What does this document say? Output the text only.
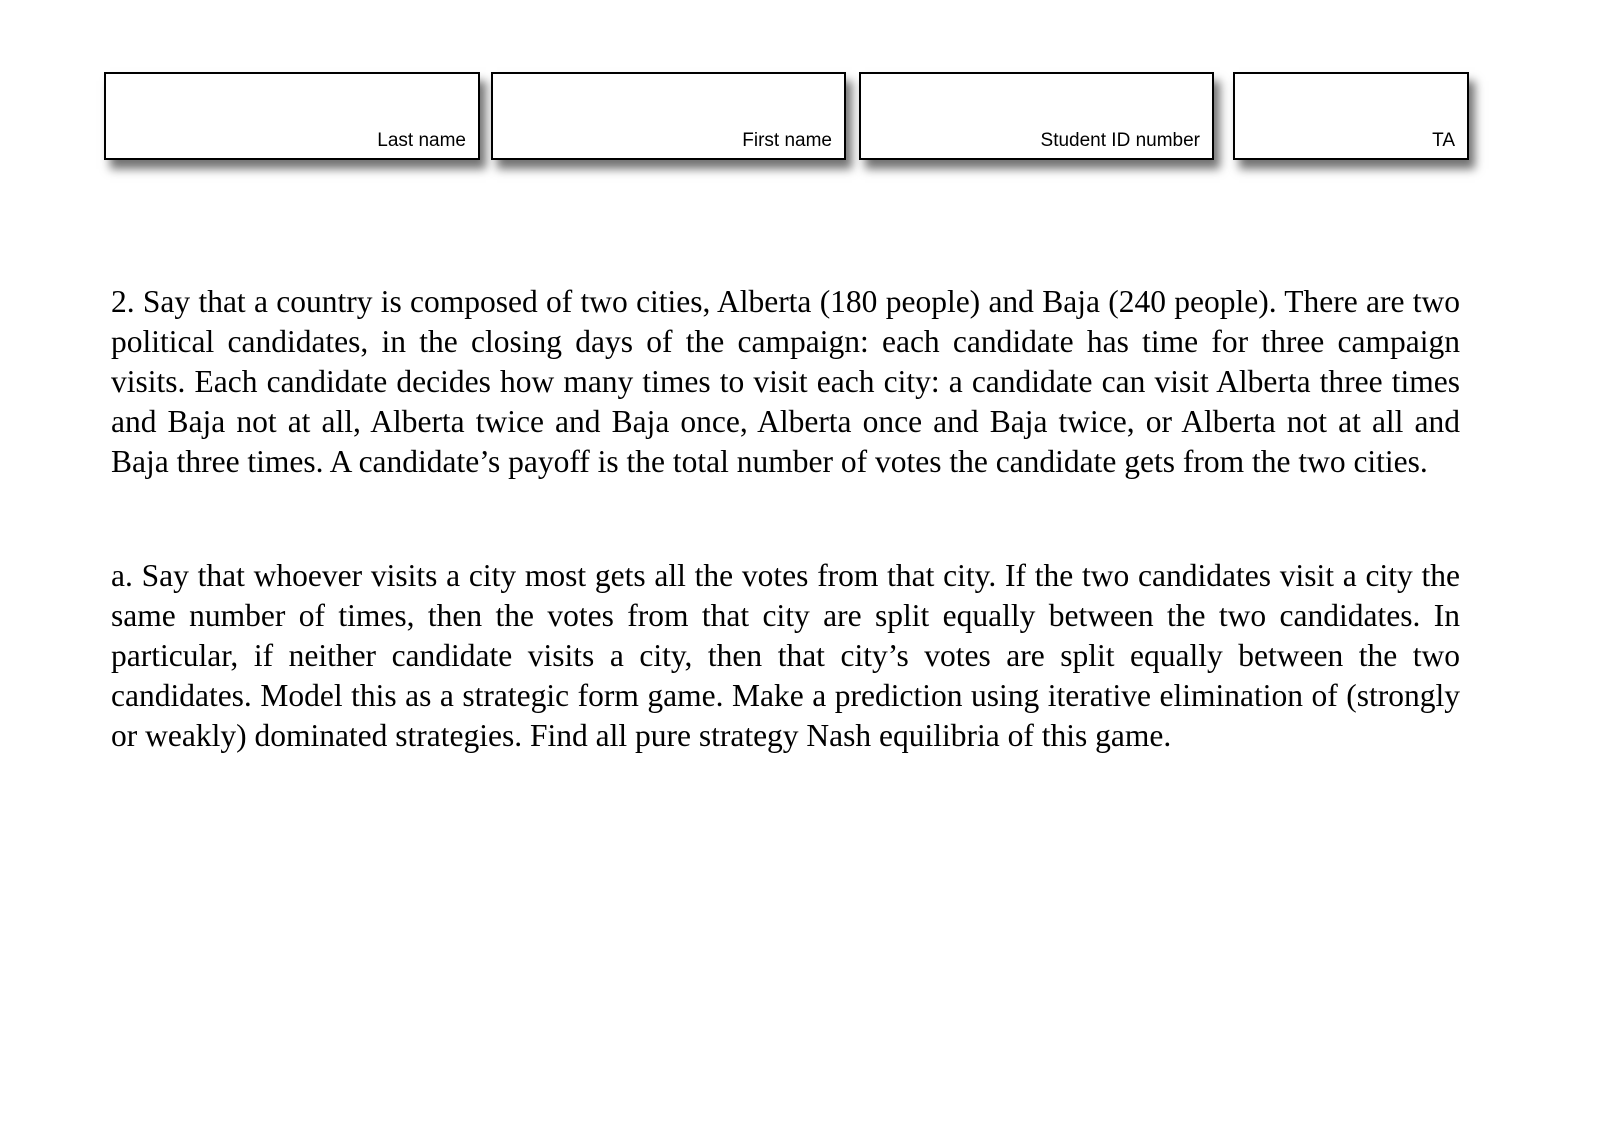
Last name	First name	Student ID number	TA

2. Say that a country is composed of two cities, Alberta (180 people) and Baja (240 people). There are two political candidates, in the closing days of the campaign: each candidate has time for three campaign visits. Each candidate decides how many times to visit each city: a candidate can visit Alberta three times and Baja not at all, Alberta twice and Baja once, Alberta once and Baja twice, or Alberta not at all and Baja three times. A candidate’s payoff is the total number of votes the candidate gets from the two cities.

a. Say that whoever visits a city most gets all the votes from that city. If the two candidates visit a city the same number of times, then the votes from that city are split equally between the two candidates. In particular, if neither candidate visits a city, then that city’s votes are split equally between the two candidates. Model this as a strategic form game. Make a prediction using iterative elimination of (strongly or weakly) dominated strategies. Find all pure strategy Nash equilibria of this game.
